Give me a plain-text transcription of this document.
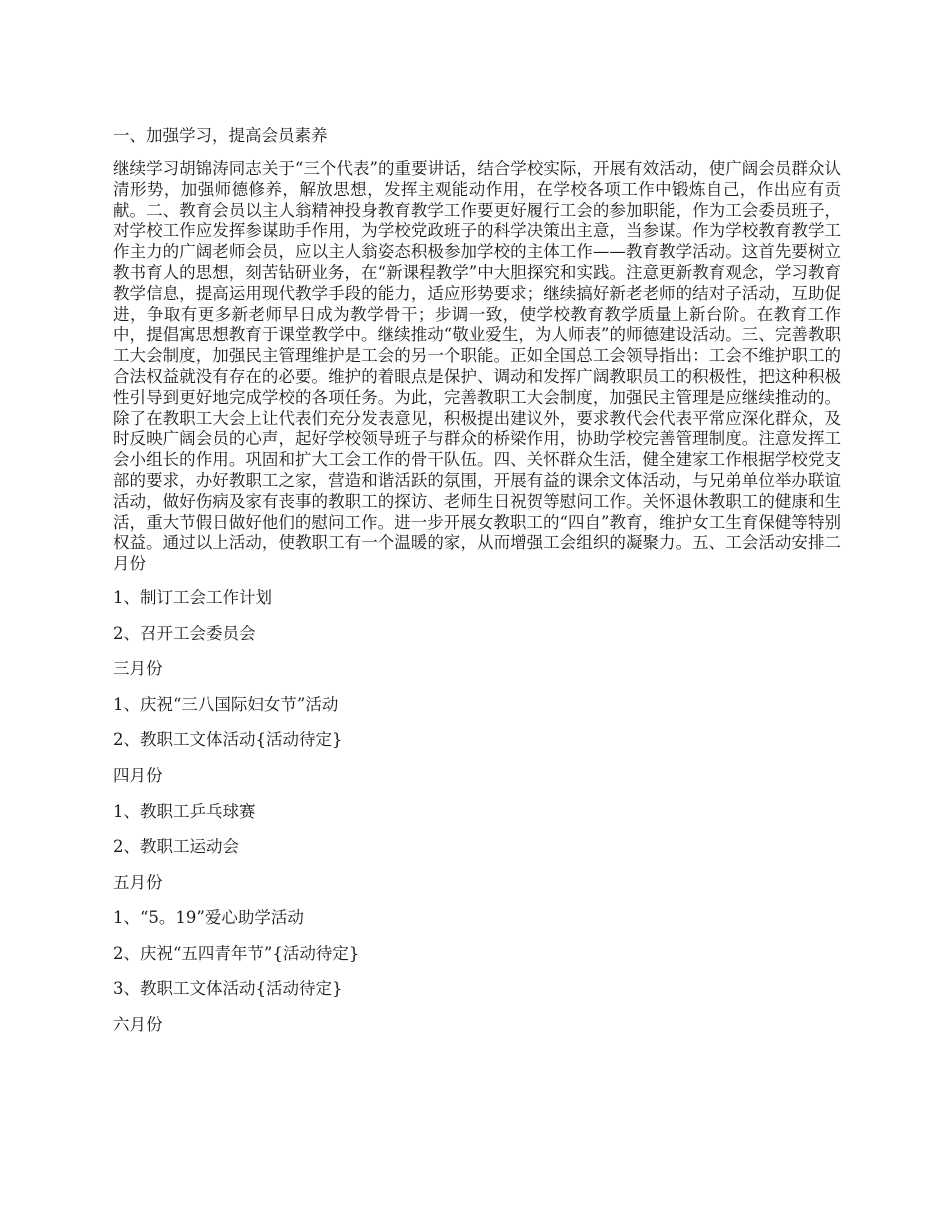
一、加强学习，提高会员素养

继续学习胡锦涛同志关于“三个代表”的重要讲话，结合学校实际，开展有效活动，使广阔会员群众认清形势，加强师德修养，解放思想，发挥主观能动作用，在学校各项工作中锻炼自己，作出应有贡献。二、教育会员以主人翁精神投身教育教学工作要更好履行工会的参加职能，作为工会委员班子，对学校工作应发挥参谋助手作用，为学校党政班子的科学决策出主意，当参谋。作为学校教育教学工作主力的广阔老师会员，应以主人翁姿态积极参加学校的主体工作——教育教学活动。这首先要树立教书育人的思想，刻苦钻研业务，在“新课程教学”中大胆探究和实践。注意更新教育观念，学习教育教学信息，提高运用现代教学手段的能力，适应形势要求；继续搞好新老老师的结对子活动，互助促进，争取有更多新老师早日成为教学骨干；步调一致，使学校教育教学质量上新台阶。在教育工作中，提倡寓思想教育于课堂教学中。继续推动“敬业爱生，为人师表”的师德建设活动。三、完善教职工大会制度，加强民主管理维护是工会的另一个职能。正如全国总工会领导指出：工会不维护职工的合法权益就没有存在的必要。维护的着眼点是保护、调动和发挥广阔教职员工的积极性，把这种积极性引导到更好地完成学校的各项任务。为此，完善教职工大会制度，加强民主管理是应继续推动的。除了在教职工大会上让代表们充分发表意见，积极提出建议外，要求教代会代表平常应深化群众，及时反映广阔会员的心声，起好学校领导班子与群众的桥梁作用，协助学校完善管理制度。注意发挥工会小组长的作用。巩固和扩大工会工作的骨干队伍。四、关怀群众生活，健全建家工作根据学校党支部的要求，办好教职工之家，营造和谐活跃的氛围，开展有益的课余文体活动，与兄弟单位举办联谊活动，做好伤病及家有丧事的教职工的探访、老师生日祝贺等慰问工作。关怀退休教职工的健康和生活，重大节假日做好他们的慰问工作。进一步开展女教职工的“四自”教育，维护女工生育保健等特别权益。通过以上活动，使教职工有一个温暖的家，从而增强工会组织的凝聚力。五、工会活动安排二月份

1、制订工会工作计划

2、召开工会委员会

三月份

1、庆祝“三八国际妇女节”活动

2、教职工文体活动{活动待定}

四月份

1、教职工乒乓球赛

2、教职工运动会

五月份

1、“5。19”爱心助学活动

2、庆祝“五四青年节”{活动待定}

3、教职工文体活动{活动待定}

六月份
